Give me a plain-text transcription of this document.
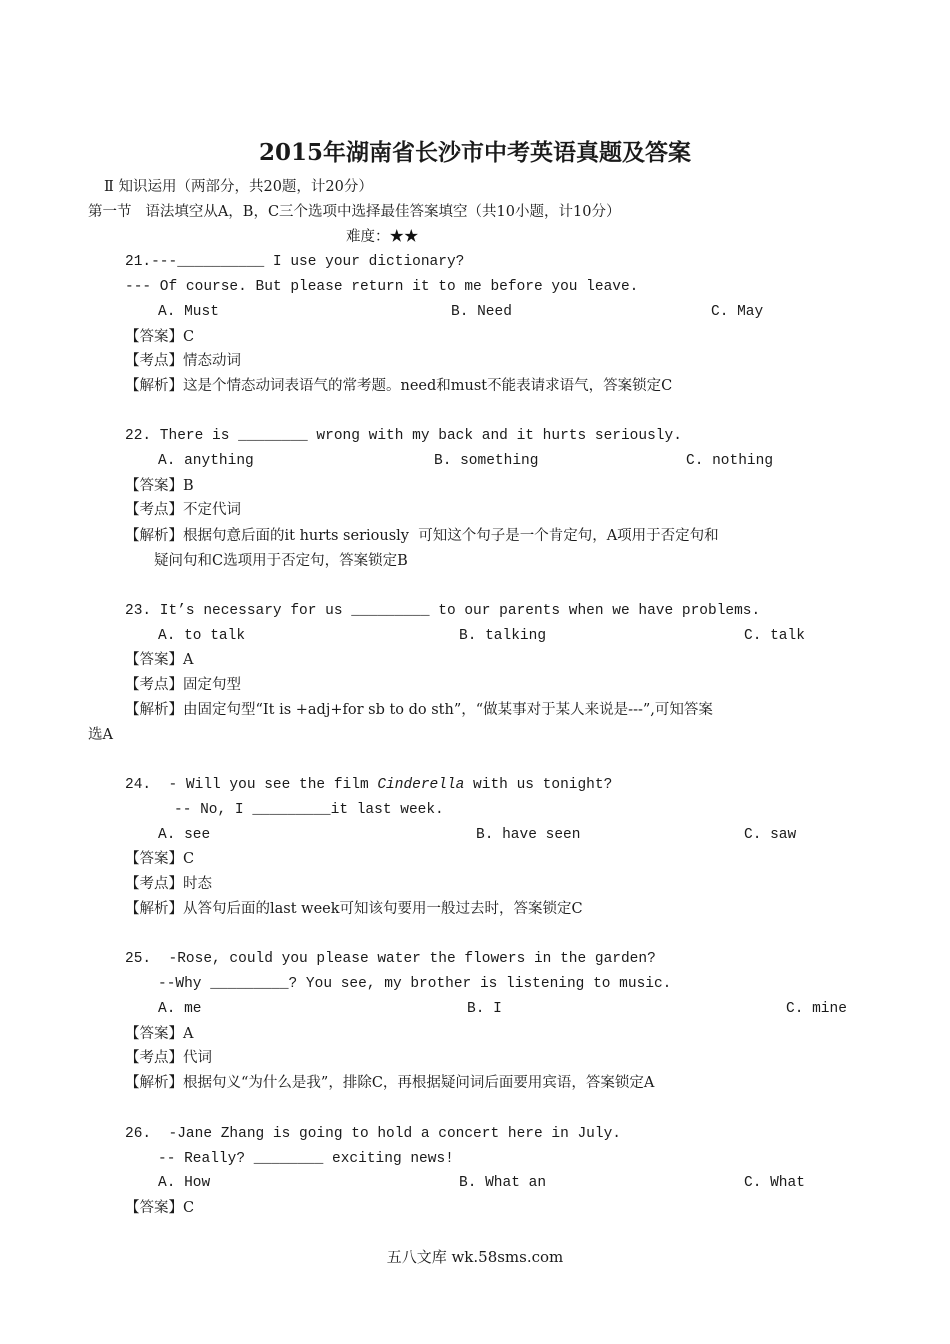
2015年湖南省长沙市中考英语真题及答案
Ⅱ 知识运用（两部分，共20题，计20分）
第一节   语法填空从A，B，C三个选项中选择最佳答案填空（共10小题，计10分）
难度：★★
21.---__________ I use your dictionary?
--- Of course. But please return it to me before you leave.
A. Must	B. Need	C. May
【答案】C
【考点】情态动词
【解析】这是个情态动词表语气的常考题。need和must不能表请求语气，答案锁定C
22. There is ________ wrong with my back and it hurts seriously.
A. anything	B. something	C. nothing
【答案】B
【考点】不定代词
【解析】根据句意后面的it hurts seriously  可知这个句子是一个肯定句，A项用于否定句和
疑问句和C选项用于否定句，答案锁定B
23. It’s necessary for us _________ to our parents when we have problems.
A. to talk	B. talking	C. talk
【答案】A
【考点】固定句型
【解析】由固定句型“It is +adj+for sb to do sth”，“做某事对于某人来说是---”,可知答案
选A
24.  - Will you see the film Cinderella with us tonight?
-- No, I _________it last week.
A. see	B. have seen	C. saw
【答案】C
【考点】时态
【解析】从答句后面的last week可知该句要用一般过去时，答案锁定C
25.  -Rose, could you please water the flowers in the garden?
--Why _________? You see, my brother is listening to music.
A. me	B. I	C. mine
【答案】A
【考点】代词
【解析】根据句义“为什么是我”，排除C，再根据疑问词后面要用宾语，答案锁定A
26.  -Jane Zhang is going to hold a concert here in July.
-- Really? ________ exciting news!
A. How	B. What an	C. What
【答案】C
五八文库 wk.58sms.com
